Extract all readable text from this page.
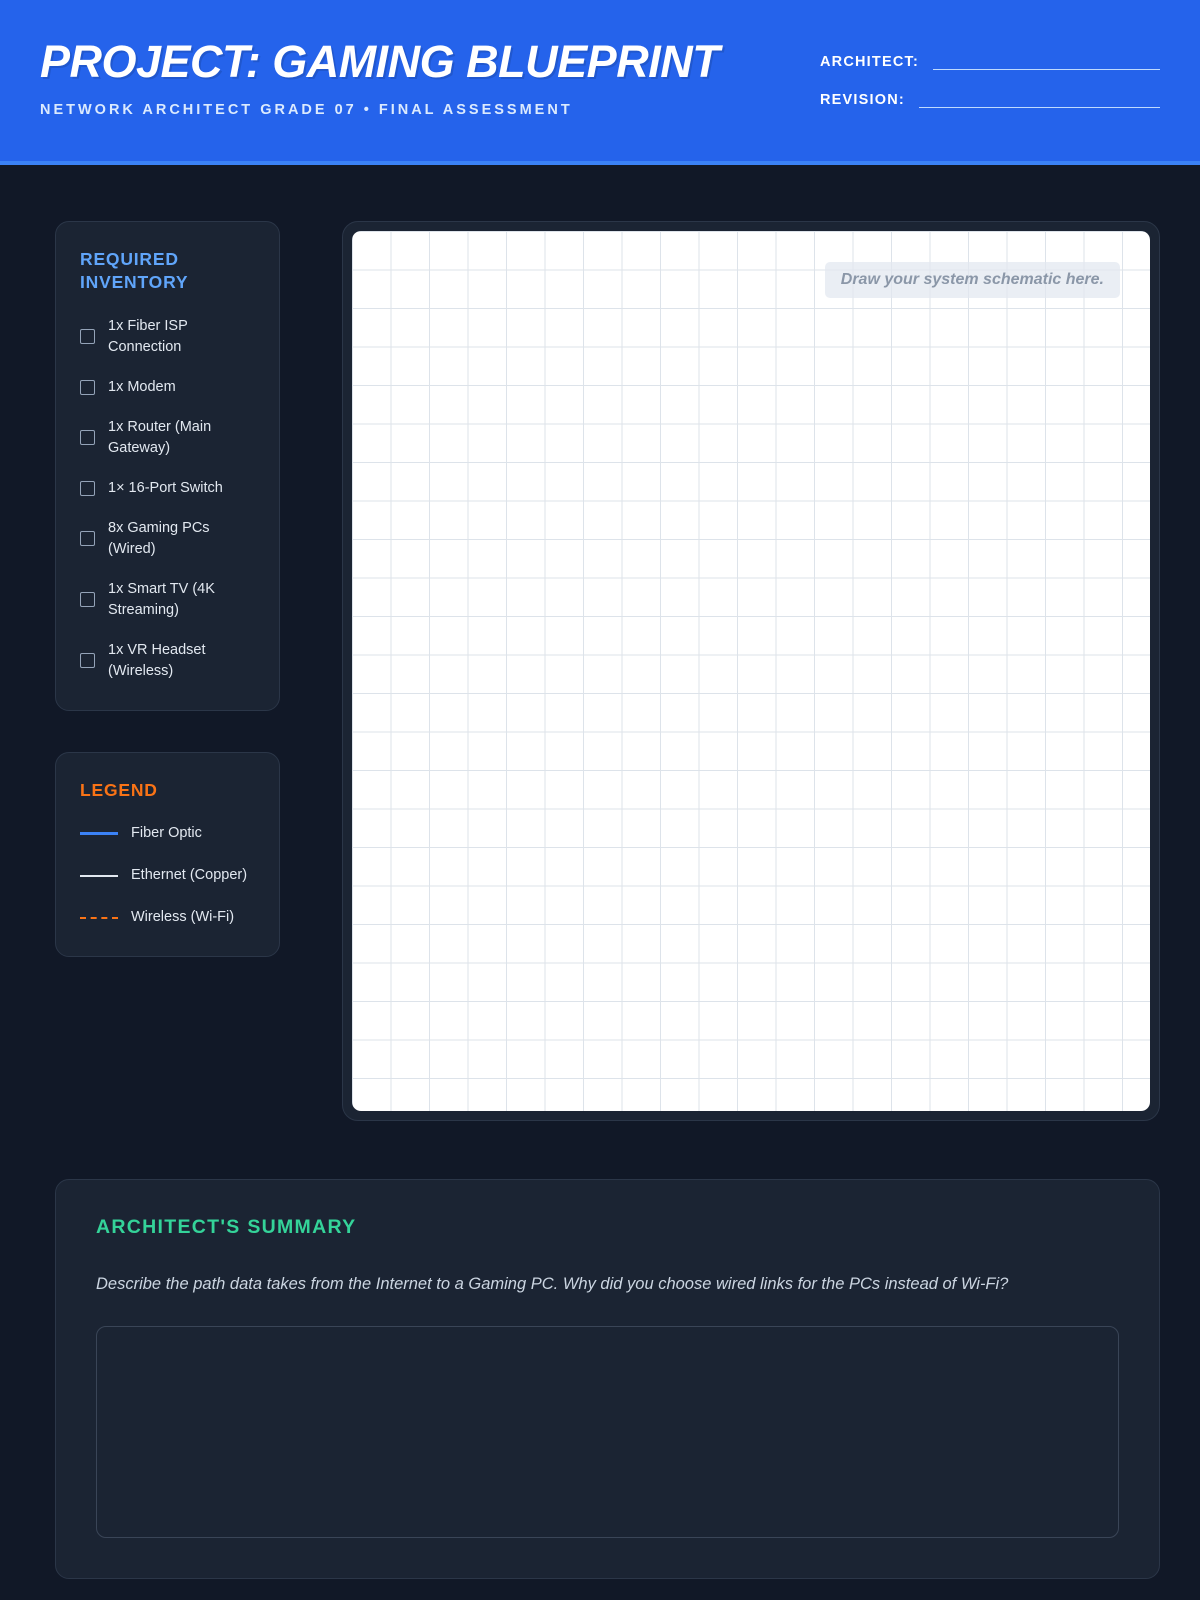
PROJECT: GAMING BLUEPRINT
NETWORK ARCHITECT GRADE 07 • FINAL ASSESSMENT
ARCHITECT:
REVISION:
REQUIRED INVENTORY
1x Fiber ISP Connection
1x Modem
1x Router (Main Gateway)
1× 16-Port Switch
8x Gaming PCs (Wired)
1x Smart TV (4K Streaming)
1x VR Headset (Wireless)
LEGEND
Fiber Optic
Ethernet (Copper)
Wireless (Wi-Fi)
Draw your system schematic here.
ARCHITECT'S SUMMARY

Describe the path data takes from the Internet to a Gaming PC. Why did you choose wired links for the PCs instead of Wi-Fi?
